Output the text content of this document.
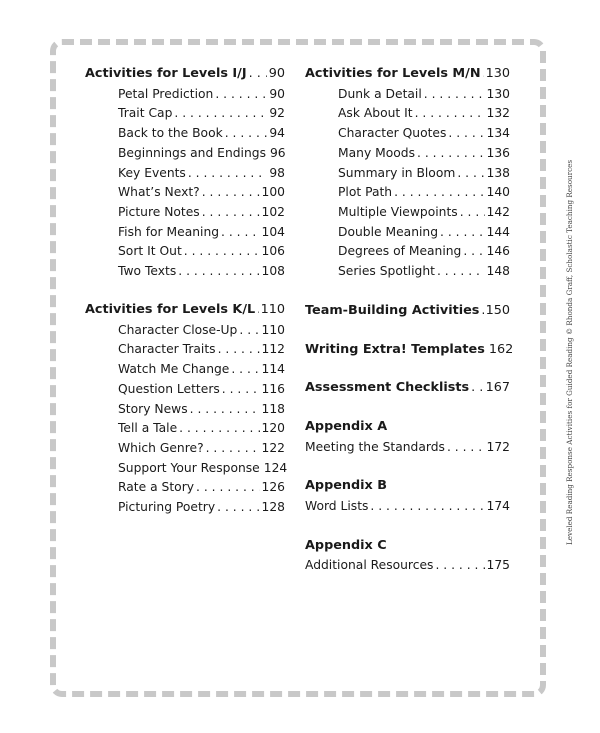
Activities for Levels I/J . . . 90
Petal Prediction . . .	90
Trait Cap . . .	92
Back to the Book . . .	94
Beginnings and Endings 96
Key Events . . .	98
What’s Next? . . .	100
Picture Notes . . .	102
Fish for Meaning . . .	104
Sort It Out . . .	106
Two Texts . . .	108
Activities for Levels K/L . . . 110
Character Close-Up . . . 110
Character Traits . . .	112
Watch Me Change . . .	114
Question Letters . . .	116
Story News . . .	118
Tell a Tale . . .	120
Which Genre? . . .	122
Support Your Response 124
Rate a Story . . .	126
Picturing Poetry . . .	128
Activities for Levels M/N . . . 130
Dunk a Detail . . .	130
Ask About It . . .	132
Character Quotes . . .	134
Many Moods . . .	136
Summary in Bloom . . .	138
Plot Path . . .	140
Multiple Viewpoints . . . 142
Double Meaning . . .	144
Degrees of Meaning . . . 146
Series Spotlight . . .	148
Team-Building Activities . . . 150
Writing Extra! Templates 162
Assessment Checklists . . . 167
Appendix A
Meeting the Standards . . .	172
Appendix B
Word Lists . . .	174
Appendix C
Additional Resources . . .	175
Leveled Reading Response Activities for Guided Reading © Rhonda Graff, Scholastic Teaching Resources
